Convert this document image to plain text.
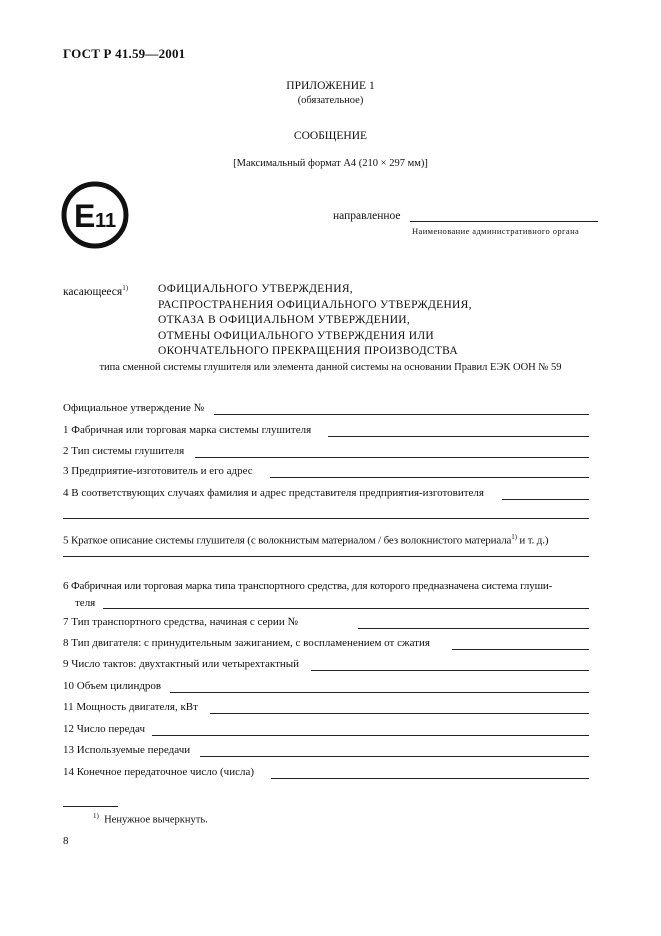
ГОСТ Р 41.59—2001
ПРИЛОЖЕНИЕ 1
(обязательное)
СООБЩЕНИЕ
[Максимальный формат А4 (210 × 297 мм)]
E 11	направленное
Наименование административного органа
касающееся$^{1)}$	ОФИЦИАЛЬНОГО УТВЕРЖДЕНИЯ,
РАСПРОСТРАНЕНИЯ ОФИЦИАЛЬНОГО УТВЕРЖДЕНИЯ,
ОТКАЗА В ОФИЦИАЛЬНОМ УТВЕРЖДЕНИИ,
ОТМЕНЫ ОФИЦИАЛЬНОГО УТВЕРЖДЕНИЯ ИЛИ
ОКОНЧАТЕЛЬНОГО ПРЕКРАЩЕНИЯ ПРОИЗВОДСТВА
типа сменной системы глушителя или элемента данной системы на основании Правил ЕЭК ООН № 59
Официальное утверждение №
1 Фабричная или торговая марка системы глушителя
2 Тип системы глушителя
3 Предприятие-изготовитель и его адрес
4 В соответствующих случаях фамилия и адрес представителя предприятия-изготовителя
5 Краткое описание системы глушителя (с волокнистым материалом / без волокнистого материала$^{1)}$ и т. д.)
6 Фабричная или торговая марка типа транспортного средства, для которого предназначена система глуши-
теля
7 Тип транспортного средства, начиная с серии №
8 Тип двигателя: с принудительным зажиганием, с воспламенением от сжатия
9 Число тактов: двухтактный или четырехтактный
10 Объем цилиндров
11 Мощность двигателя, кВт
12 Число передач
13 Используемые передачи
14 Конечное передаточное число (числа)
$^{1)}$ Ненужное вычеркнуть.
8
